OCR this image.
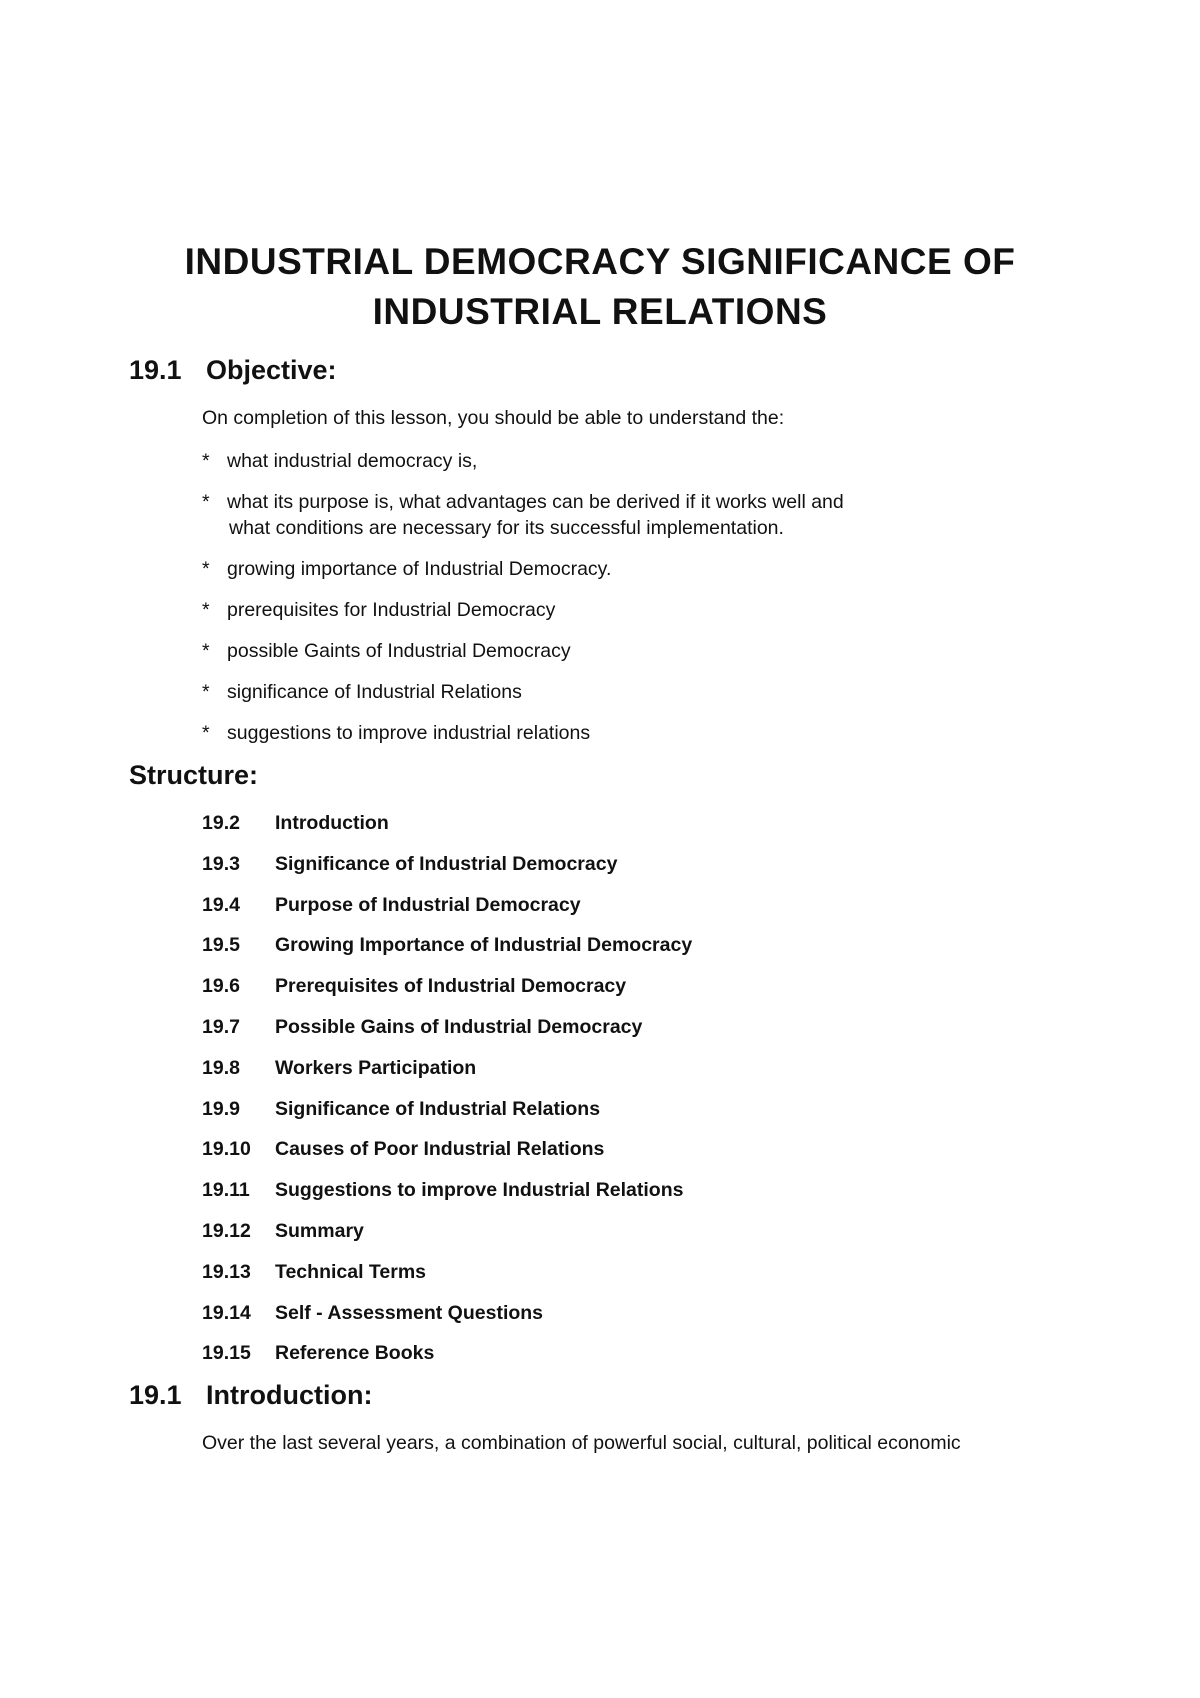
INDUSTRIAL DEMOCRACY SIGNIFICANCE OF
INDUSTRIAL RELATIONS
19.1 Objective:
On completion of this lesson, you should be able to understand the:
* what industrial democracy is,
* what its purpose is, what advantages can be derived if it works well and
what conditions are necessary for its successful implementation.
* growing importance of Industrial Democracy.
* prerequisites for Industrial Democracy
* possible Gaints of Industrial Democracy
* significance of Industrial Relations
* suggestions to improve industrial relations
Structure:
19.2 Introduction
19.3 Significance of Industrial Democracy
19.4 Purpose of Industrial Democracy
19.5 Growing Importance of Industrial Democracy
19.6 Prerequisites of Industrial Democracy
19.7 Possible Gains of Industrial Democracy
19.8 Workers Participation
19.9 Significance of Industrial Relations
19.10 Causes of Poor Industrial Relations
19.11 Suggestions to improve Industrial Relations
19.12 Summary
19.13 Technical Terms
19.14 Self - Assessment Questions
19.15 Reference Books
19.1 Introduction:
Over the last several years, a combination of powerful social, cultural, political economic
